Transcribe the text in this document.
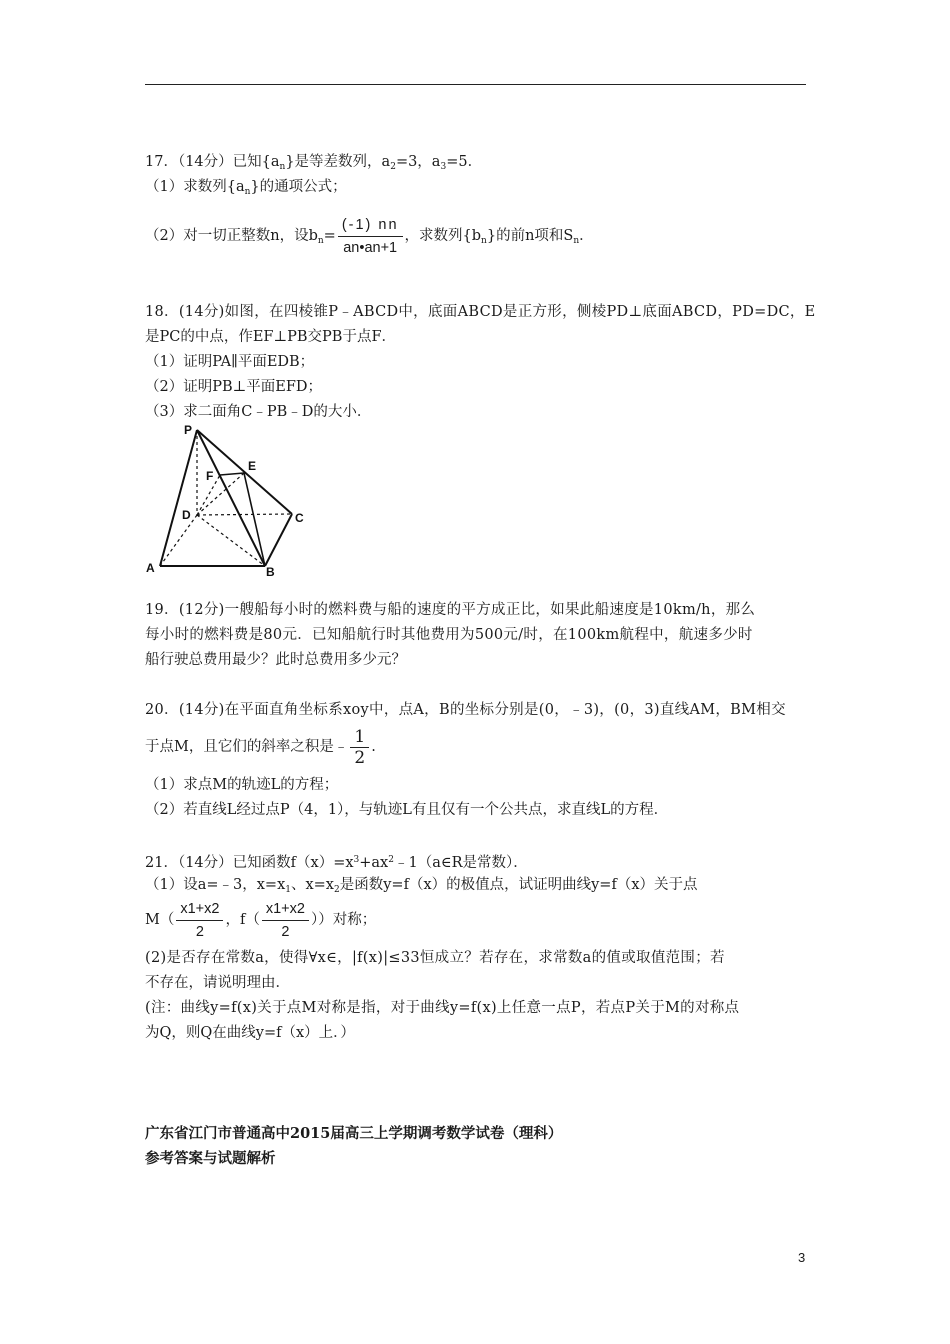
17．（14分）已知$\{a_n\}$是等差数列，$a_2=3$，$a_3=5$．
（1）求数列$\{a_n\}$的通项公式；
（2）对一切正整数n，设$b_n= \frac{(-1) nn}{an•an+1}$ ，求数列$\{b_n\}$的前n项和$S_n$．
18．(14分)如图，在四棱锥P﹣ABCD中，底面ABCD是正方形，侧棱PD⊥底面ABCD，PD=DC，E
是PC的中点，作EF⊥PB交PB于点F．
（1）证明PA∥平面EDB；
（2）证明PB⊥平面EFD；
（3）求二面角C﹣PB﹣D的大小．
P
E
F
D	C
A	B
19．(12分)一艘船每小时的燃料费与船的速度的平方成正比，如果此船速度是10km/h，那么
每小时的燃料费是80元．已知船航行时其他费用为500元/时，在100km航程中，航速多少时
船行驶总费用最少？此时总费用多少元？
20．(14分)在平面直角坐标系xoy中，点A，B的坐标分别是(0，﹣3)，(0，3)直线AM，BM相交
于点M，且它们的斜率之积是﹣ $\frac{1}{2}$ .
（1）求点M的轨迹L的方程；
（2）若直线L经过点P（4，1），与轨迹L有且仅有一个公共点，求直线L的方程．
21．（14分）已知函数$f(x)=x^3+ax^2﹣1(a\in R$是常数）．
（1）设a=﹣3，$x=x_1$、$x=x_2$是函数y=f（x）的极值点，试证明曲线y=f（x）关于点
$M( \frac{x1+x2}{2}$ ，$f( \frac{x1+x2}{2}$ ））对称；
(2)是否存在常数a，使得∀x∈，|f(x)|≤33恒成立？若存在，求常数a的值或取值范围；若
不存在，请说明理由．
(注：曲线y=f(x)关于点M对称是指，对于曲线y=f(x)上任意一点P，若点P关于M的对称点
为Q，则Q在曲线y=f（x）上．）
广东省江门市普通高中2015届高三上学期调考数学试卷（理科）
参考答案与试题解析
3
